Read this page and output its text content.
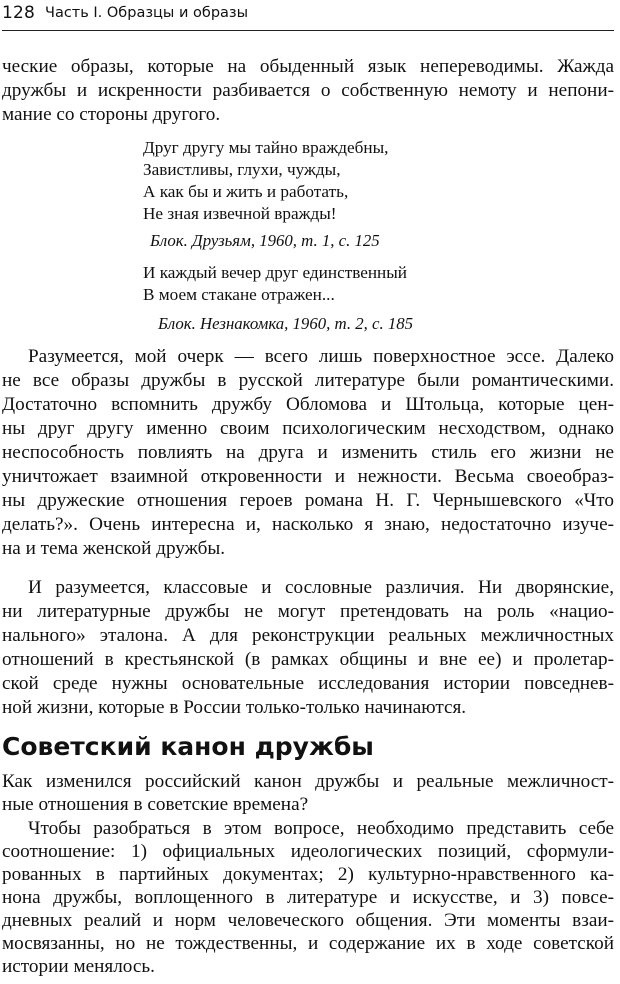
128 Часть I. Образцы и образы
ческие образы, которые на обыденный язык непереводимы. Жажда
дружбы и искренности разбивается о собственную немоту и непони-
мание со стороны другого.
Друг другу мы тайно враждебны,
Завистливы, глухи, чужды,
А как бы и жить и работать,
Не зная извечной вражды!
Блок. Друзьям, 1960, т. 1, с. 125
И каждый вечер друг единственный
В моем стакане отражен...
Блок. Незнакомка, 1960, т. 2, с. 185
Разумеется, мой очерк — всего лишь поверхностное эссе. Далеко
не все образы дружбы в русской литературе были романтическими.
Достаточно вспомнить дружбу Обломова и Штольца, которые цен-
ны друг другу именно своим психологическим несходством, однако
неспособность повлиять на друга и изменить стиль его жизни не
уничтожает взаимной откровенности и нежности. Весьма своеобраз-
ны дружеские отношения героев романа Н. Г. Чернышевского «Что
делать?». Очень интересна и, насколько я знаю, недостаточно изуче-
на и тема женской дружбы.
И разумеется, классовые и сословные различия. Ни дворянские,
ни литературные дружбы не могут претендовать на роль «нацио-
нального» эталона. А для реконструкции реальных межличностных
отношений в крестьянской (в рамках общины и вне ее) и пролетар-
ской среде нужны основательные исследования истории повседнев-
ной жизни, которые в России только-только начинаются.
Советский канон дружбы
Как изменился российский канон дружбы и реальные межличност-
ные отношения в советские времена?
Чтобы разобраться в этом вопросе, необходимо представить себе
соотношение: 1) официальных идеологических позиций, сформули-
рованных в партийных документах; 2) культурно-нравственного ка-
нона дружбы, воплощенного в литературе и искусстве, и 3) повсе-
дневных реалий и норм человеческого общения. Эти моменты взаи-
мосвязанны, но не тождественны, и содержание их в ходе советской
истории менялось.
